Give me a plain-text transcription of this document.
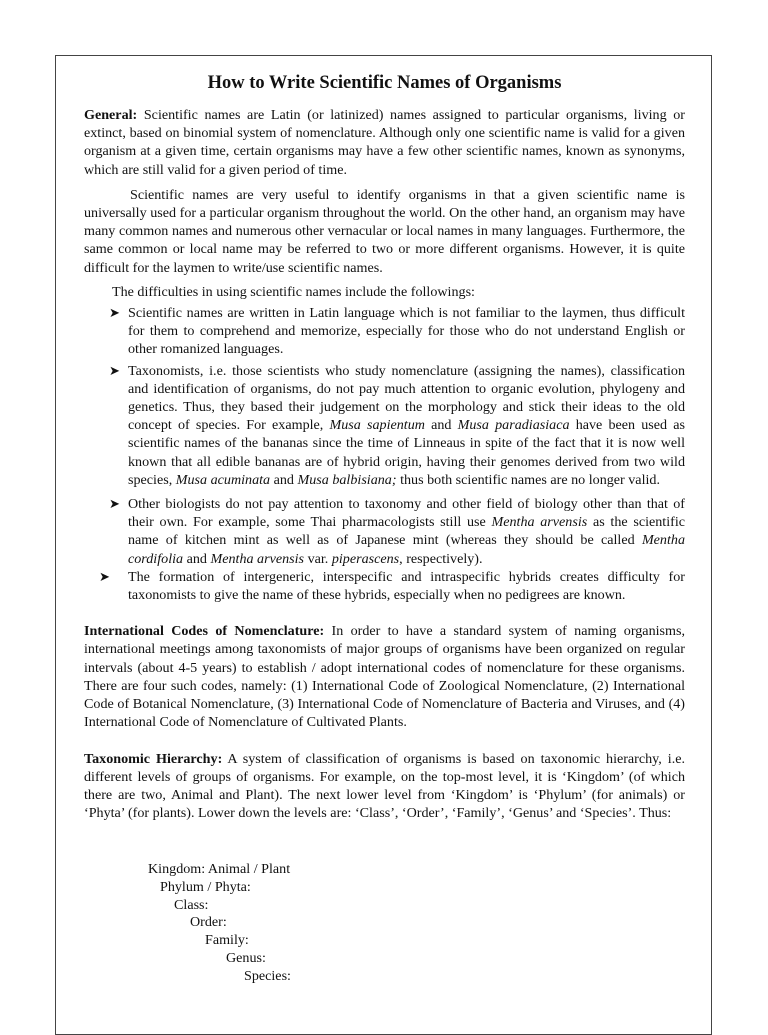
How to Write Scientific Names of Organisms

General: Scientific names are Latin (or latinized) names assigned to particular organisms, living or extinct, based on binomial system of nomenclature. Although only one scientific name is valid for a given organism at a given time, certain organisms may have a few other scientific names, known as synonyms, which are still valid for a given period of time.

Scientific names are very useful to identify organisms in that a given scientific name is universally used for a particular organism throughout the world. On the other hand, an organism may have many common names and numerous other vernacular or local names in many languages. Furthermore, the same common or local name may be referred to two or more different organisms. However, it is quite difficult for the laymen to write/use scientific names.

The difficulties in using scientific names include the followings:

➤ Scientific names are written in Latin language which is not familiar to the laymen, thus difficult for them to comprehend and memorize, especially for those who do not understand English or other romanized languages.
➤ Taxonomists, i.e. those scientists who study nomenclature (assigning the names), classification and identification of organisms, do not pay much attention to organic evolution, phylogeny and genetics. Thus, they based their judgement on the morphology and stick their ideas to the old concept of species. For example, Musa sapientum and Musa paradiasiaca have been used as scientific names of the bananas since the time of Linneaus in spite of the fact that it is now well known that all edible bananas are of hybrid origin, having their genomes derived from two wild species, Musa acuminata and Musa balbisiana; thus both scientific names are no longer valid.
➤ Other biologists do not pay attention to taxonomy and other field of biology other than that of their own. For example, some Thai pharmacologists still use Mentha arvensis as the scientific name of kitchen mint as well as of Japanese mint (whereas they should be called Mentha cordifolia and Mentha arvensis var. piperascens, respectively).
➤ The formation of intergeneric, interspecific and intraspecific hybrids creates difficulty for taxonomists to give the name of these hybrids, especially when no pedigrees are known.

International Codes of Nomenclature: In order to have a standard system of naming organisms, international meetings among taxonomists of major groups of organisms have been organized on regular intervals (about 4-5 years) to establish / adopt international codes of nomenclature for these organisms. There are four such codes, namely: (1) International Code of Zoological Nomenclature, (2) International Code of Botanical Nomenclature, (3) International Code of Nomenclature of Bacteria and Viruses, and (4) International Code of Nomenclature of Cultivated Plants.

Taxonomic Hierarchy: A system of classification of organisms is based on taxonomic hierarchy, i.e. different levels of groups of organisms. For example, on the top-most level, it is ‘Kingdom’ (of which there are two, Animal and Plant). The next lower level from ‘Kingdom’ is ‘Phylum’ (for animals) or ‘Phyta’ (for plants). Lower down the levels are: ‘Class’, ‘Order’, ‘Family’, ‘Genus’ and ‘Species’. Thus:

Kingdom: Animal / Plant
Phylum / Phyta:
Class:
Order:
Family:
Genus:
Species:
